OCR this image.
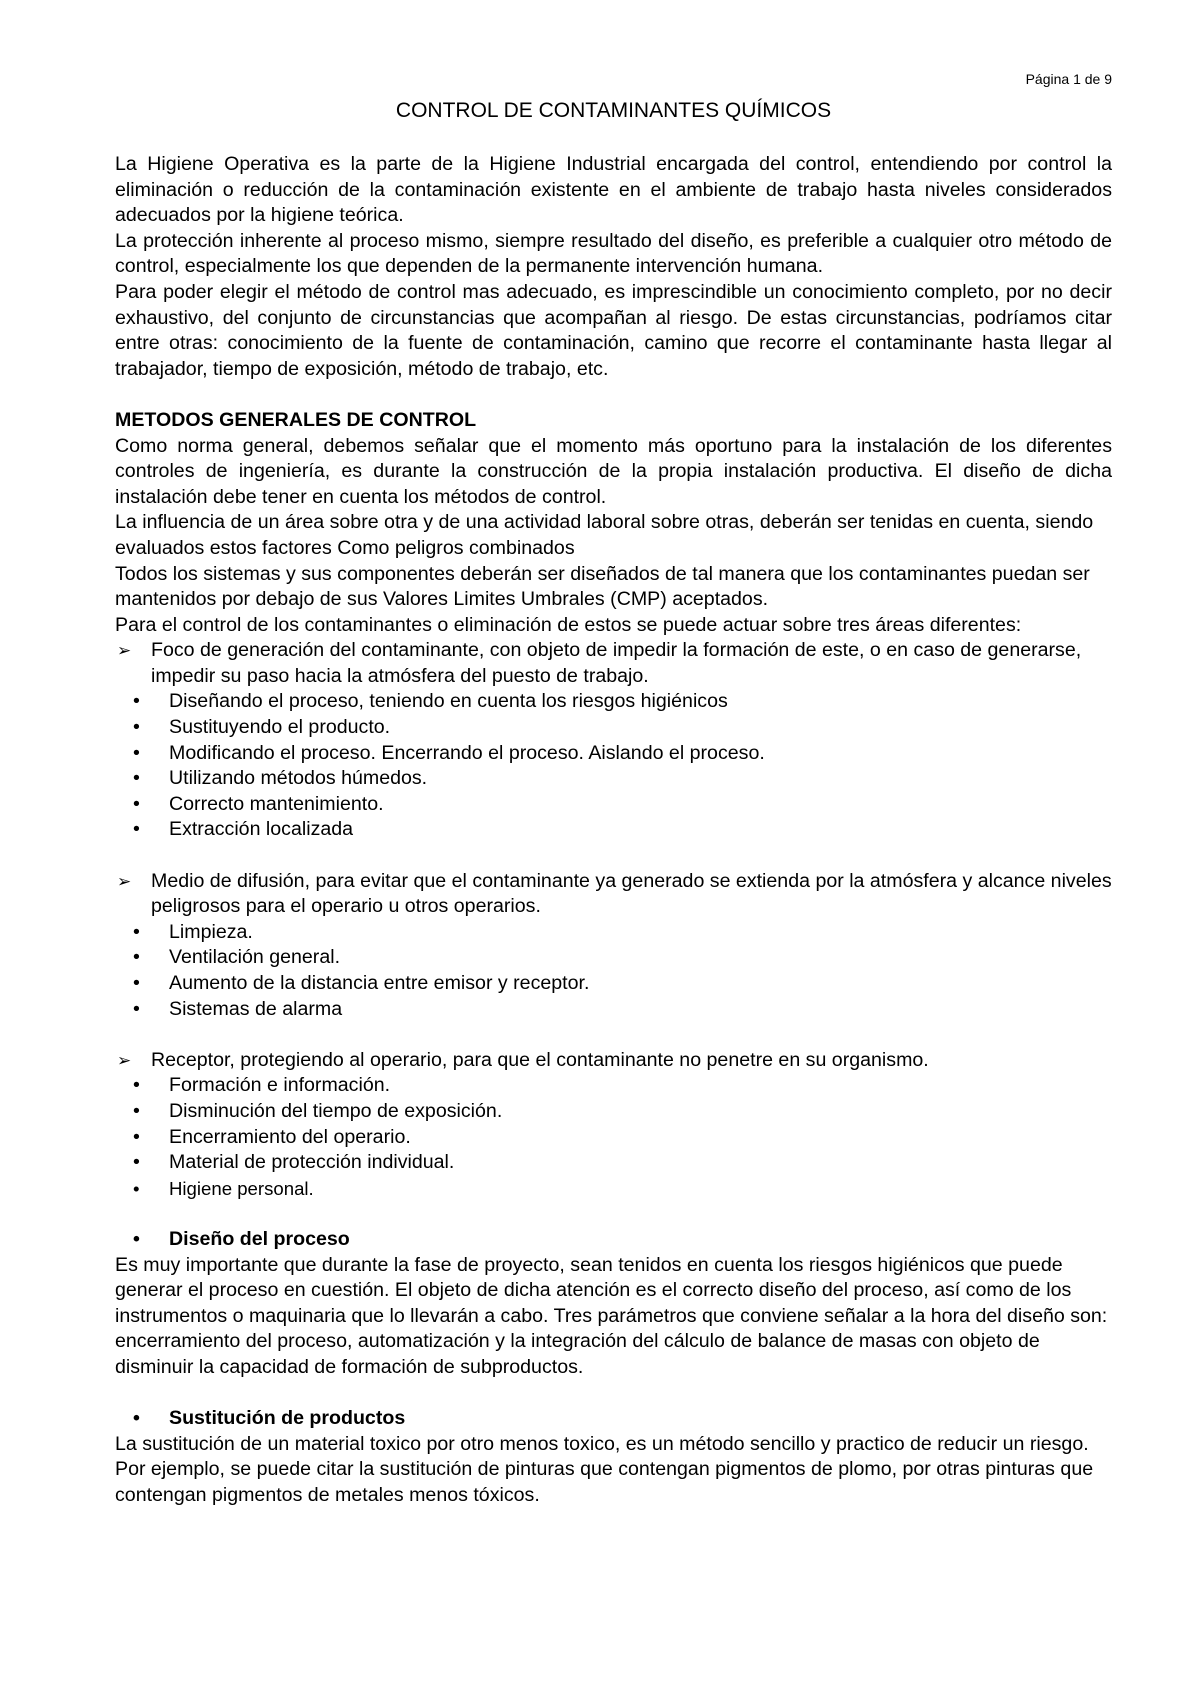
Página 1 de 9
CONTROL DE CONTAMINANTES QUÍMICOS

La Higiene Operativa es la parte de la Higiene Industrial encargada del control, entendiendo por control la eliminación o reducción de la contaminación existente en el ambiente de trabajo hasta niveles considerados adecuados por la higiene teórica.

La protección inherente al proceso mismo, siempre resultado del diseño, es preferible a cualquier otro método de control, especialmente los que dependen de la permanente intervención humana.

Para poder elegir el método de control mas adecuado, es imprescindible un conocimiento completo, por no decir exhaustivo, del conjunto de circunstancias que acompañan al riesgo. De estas circunstancias, podríamos citar entre otras: conocimiento de la fuente de contaminación, camino que recorre el contaminante hasta llegar al trabajador, tiempo de exposición, método de trabajo, etc.

METODOS GENERALES DE CONTROL

Como norma general, debemos señalar que el momento más oportuno para la instalación de los diferentes controles de ingeniería, es durante la construcción de la propia instalación productiva. El diseño de dicha instalación debe tener en cuenta los métodos de control.

La influencia de un área sobre otra y de una actividad laboral sobre otras, deberán ser tenidas en cuenta, siendo evaluados estos factores Como peligros combinados

Todos los sistemas y sus componentes deberán ser diseñados de tal manera que los contaminantes puedan ser mantenidos por debajo de sus Valores Limites Umbrales (CMP) aceptados.

Para el control de los contaminantes o eliminación de estos se puede actuar sobre tres áreas diferentes:

➢	Foco de generación del contaminante, con objeto de impedir la formación de este, o en caso de generarse, impedir su paso hacia la atmósfera del puesto de trabajo.
•	Diseñando el proceso, teniendo en cuenta los riesgos higiénicos
•	Sustituyendo el producto.
•	Modificando el proceso. Encerrando el proceso. Aislando el proceso.
•	Utilizando métodos húmedos.
•	Correcto mantenimiento.
•	Extracción localizada
➢	Medio de difusión, para evitar que el contaminante ya generado se extienda por la atmósfera y alcance niveles peligrosos para el operario u otros operarios.
•	Limpieza.
•	Ventilación general.
•	Aumento de la distancia entre emisor y receptor.
•	Sistemas de alarma
➢	Receptor, protegiendo al operario, para que el contaminante no penetre en su organismo.
•	Formación e información.
•	Disminución del tiempo de exposición.
•	Encerramiento del operario.
•	Material de protección individual.
•	Higiene personal.
•	Diseño del proceso

Es muy importante que durante la fase de proyecto, sean tenidos en cuenta los riesgos higiénicos que puede generar el proceso en cuestión. El objeto de dicha atención es el correcto diseño del proceso, así como de los instrumentos o maquinaria que lo llevarán a cabo. Tres parámetros que conviene señalar a la hora del diseño son: encerramiento del proceso, automatización y la integración del cálculo de balance de masas con objeto de disminuir la capacidad de formación de subproductos.

•	Sustitución de productos

La sustitución de un material toxico por otro menos toxico, es un método sencillo y practico de reducir un riesgo. Por ejemplo, se puede citar la sustitución de pinturas que contengan pigmentos de plomo, por otras pinturas que contengan pigmentos de metales menos tóxicos.
